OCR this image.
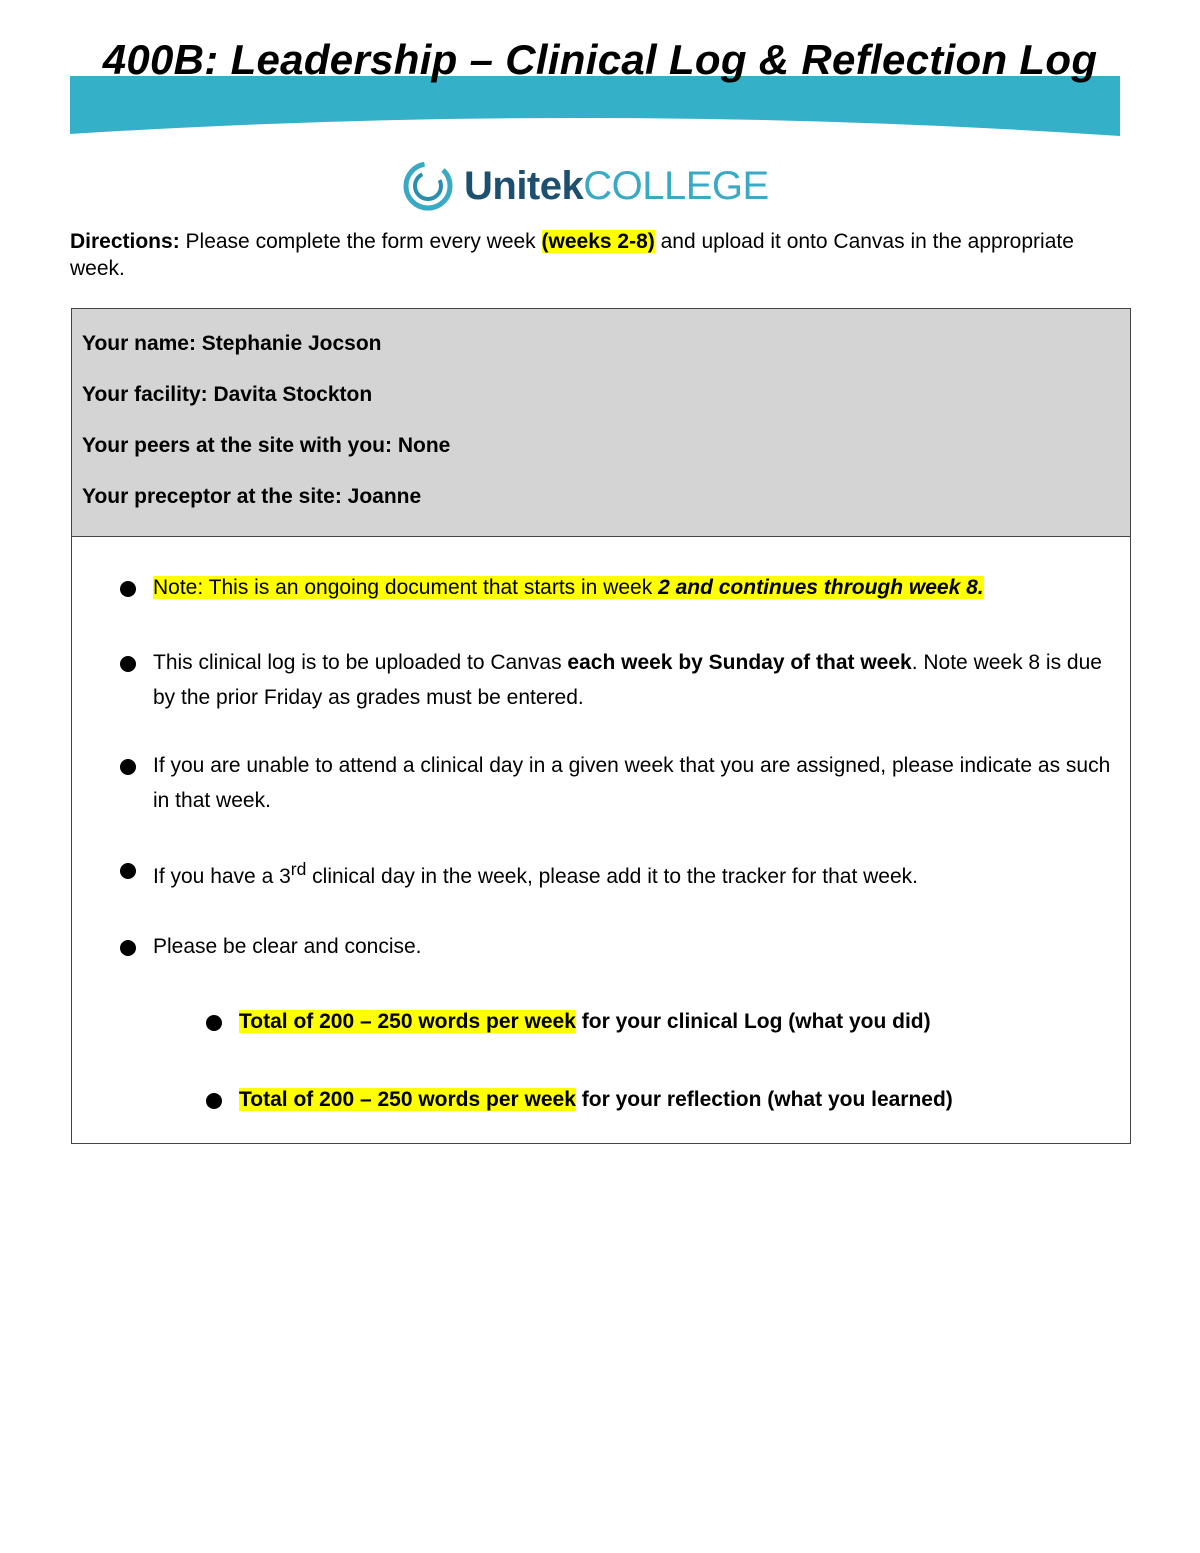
400B: Leadership – Clinical Log & Reflection Log
Unitek COLLEGE
Directions: Please complete the form every week (weeks 2-8) and upload it onto Canvas in the appropriate week.

Your name: Stephanie Jocson

Your facility: Davita Stockton

Your peers at the site with you: None

Your preceptor at the site: Joanne

Note: This is an ongoing document that starts in week 2 and continues through week 8.
This clinical log is to be uploaded to Canvas each week by Sunday of that week. Note week 8 is due by the prior Friday as grades must be entered.
If you are unable to attend a clinical day in a given week that you are assigned, please indicate as such in that week.
If you have a 3rd clinical day in the week, please add it to the tracker for that week.
Please be clear and concise.
Total of 200 – 250 words per week for your clinical Log (what you did)
Total of 200 – 250 words per week for your reflection (what you learned)
